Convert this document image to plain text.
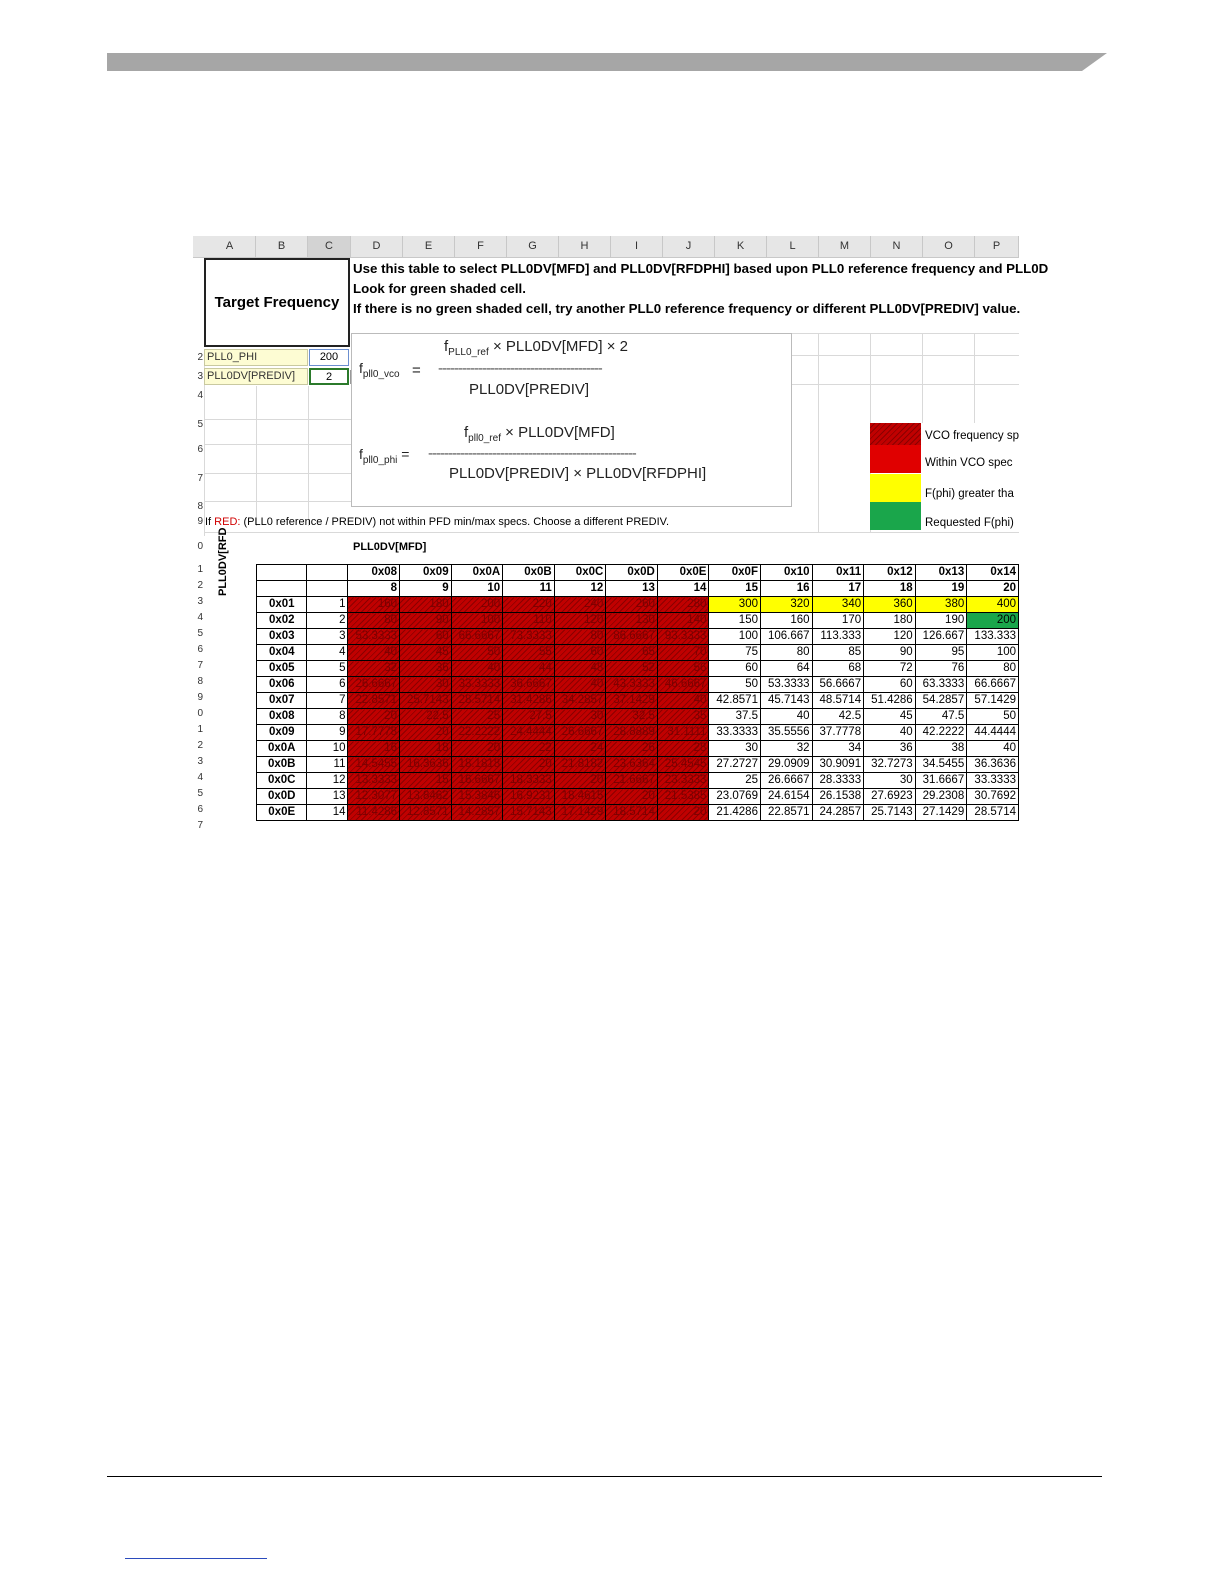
A	B	C	D	E	F	G	H	I	J	K	L	M	N	O	P
2
3
4
5
6
7
8
9
0
1
2
3
4
5
6
7
8
9
0
1
2
3
4
5
6
7
Target Frequency
Use this table to select PLL0DV[MFD] and PLL0DV[RFDPHI] based upon PLL0 reference frequency and PLL0D
Look for green shaded cell.
If there is no green shaded cell, try another PLL0 reference frequency or different PLL0DV[PREDIV] value.
PLL0_PHI	200
PLL0DV[PREDIV]	2
$f_{pll0\_vco}$ =
$f_{PLL0\_ref} \times PLL0DV[MFD] \times 2$
-----------------------------------------
PLL0DV[PREDIV]
$f_{pll0\_phi}$ =
$f_{pll0\_ref} \times PLL0DV[MFD]$
----------------------------------------------------
PLL0DV[PREDIV] × PLL0DV[RFDPHI]
VCO frequency sp
Within VCO spec
F(phi) greater tha
Requested F(phi)
If RED: (PLL0 reference / PREDIV) not within PFD min/max specs. Choose a different PREDIV.
PLL0DV[MFD]
PLL0DV[RFD
			0x08	0x09	0x0A	0x0B	0x0C	0x0D	0x0E	0x0F	0x10	0x11	0x12	0x13	0x14
		8	9	10	11	12	13	14	15	16	17	18	19	20
0x01	1	160	180	200	220	240	260	280	300	320	340	360	380	400
0x02	2	80	90	100	110	120	130	140	150	160	170	180	190	200
0x03	3	53.3333	60	66.6667	73.3333	80	86.6667	93.3333	100	106.667	113.333	120	126.667	133.333
0x04	4	40	45	50	55	60	65	70	75	80	85	90	95	100
0x05	5	32	36	40	44	48	52	56	60	64	68	72	76	80
0x06	6	26.6667	30	33.3333	36.6667	40	43.3333	46.6667	50	53.3333	56.6667	60	63.3333	66.6667
0x07	7	22.8571	25.7143	28.5714	31.4286	34.2857	37.1429	40	42.8571	45.7143	48.5714	51.4286	54.2857	57.1429
0x08	8	20	22.5	25	27.5	30	32.5	35	37.5	40	42.5	45	47.5	50
0x09	9	17.7778	20	22.2222	24.4444	26.6667	28.8889	31.1111	33.3333	35.5556	37.7778	40	42.2222	44.4444
0x0A	10	16	18	20	22	24	26	28	30	32	34	36	38	40
0x0B	11	14.5455	16.3636	18.1818	20	21.8182	23.6364	25.4545	27.2727	29.0909	30.9091	32.7273	34.5455	36.3636
0x0C	12	13.3333	15	16.6667	18.3333	20	21.6667	23.3333	25	26.6667	28.3333	30	31.6667	33.3333
0x0D	13	12.3077	13.8462	15.3846	16.9231	18.4615	20	21.5385	23.0769	24.6154	26.1538	27.6923	29.2308	30.7692
0x0E	14	11.4286	12.8571	14.2857	15.7143	17.1429	18.5714	20	21.4286	22.8571	24.2857	25.7143	27.1429	28.5714
